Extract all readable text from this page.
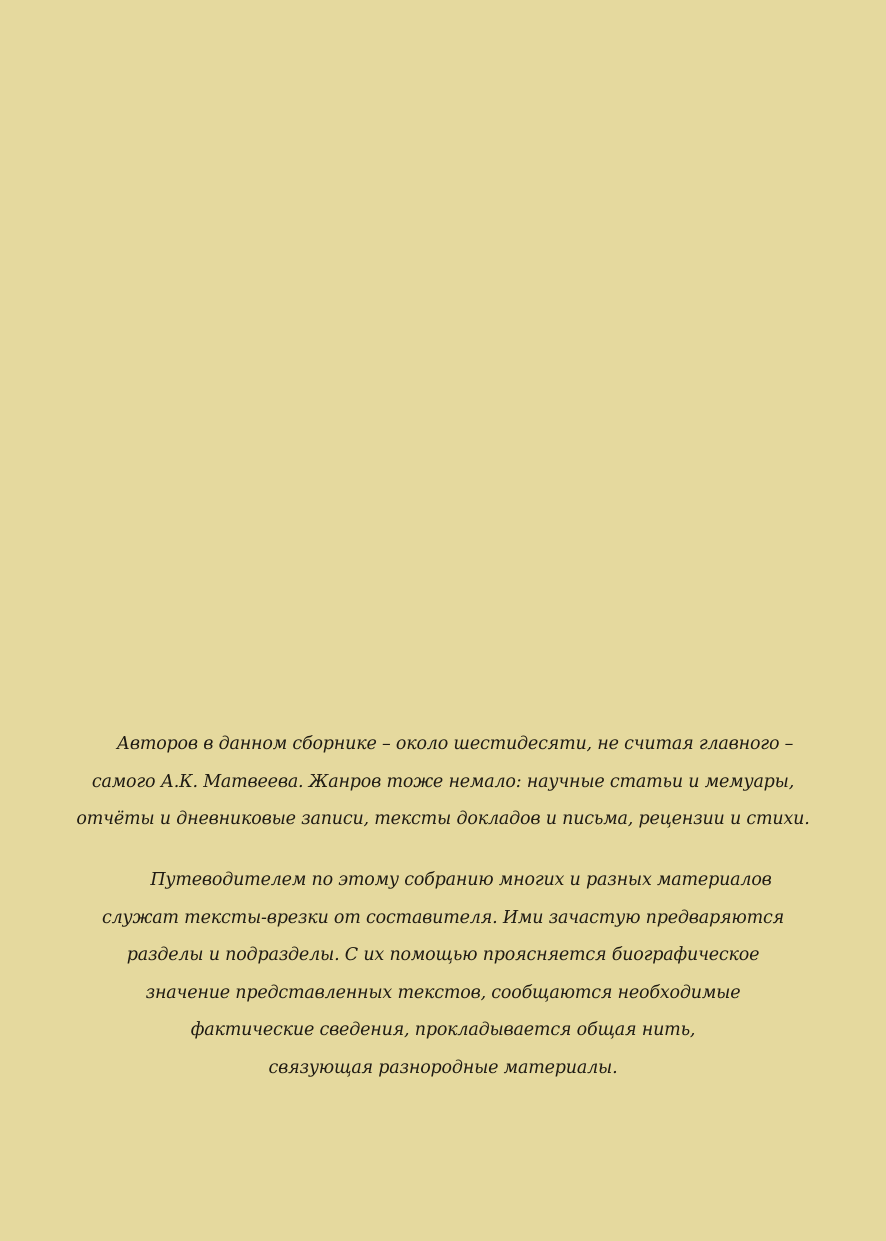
Авторов в данном сборнике – около шестидесяти, не считая главного –
самого А.К. Матвеева. Жанров тоже немало: научные статьи и мемуары,
отчёты и дневниковые записи, тексты докладов и письма, рецензии и стихи.
Путеводителем по этому собранию многих и разных материалов
служат тексты-врезки от составителя. Ими зачастую предваряются
разделы и подразделы. С их помощью проясняется биографическое
значение представленных текстов, сообщаются необходимые
фактические сведения, прокладывается общая нить,
связующая разнородные материалы.
